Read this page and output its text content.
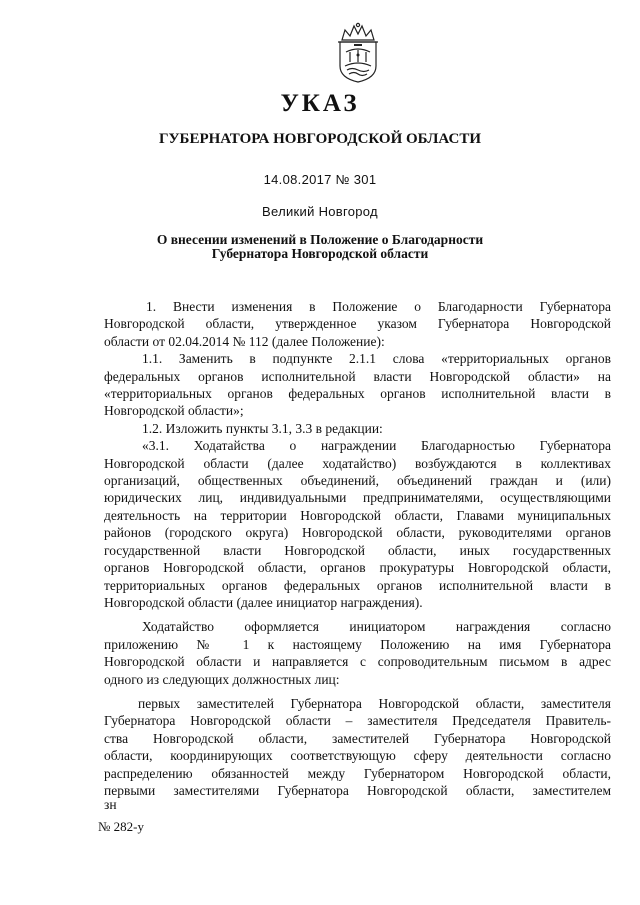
УКАЗ
ГУБЕРНАТОРА НОВГОРОДСКОЙ ОБЛАСТИ
14.08.2017 № 301
Великий Новгород
О внесении изменений в Положение о Благодарности
Губернатора Новгородской области

1. Внести изменения в Положение о Благодарности Губернатора

Новгородской области, утвержденное указом Губернатора Новгородской

области от 02.04.2014 № 112 (далее Положение):

1.1. Заменить в подпункте 2.1.1 слова «территориальных органов

федеральных органов исполнительной власти Новгородской области» на

«территориальных органов федеральных органов исполнительной власти в

Новгородской области»;

1.2. Изложить пункты 3.1, 3.3 в редакции:

«3.1. Ходатайства о награждении Благодарностью Губернатора

Новгородской области (далее ходатайство) возбуждаются в коллективах

организаций, общественных объединений, объединений граждан и (или)

юридических лиц, индивидуальными предпринимателями, осуществляющими

деятельность на территории Новгородской области, Главами муниципальных

районов (городского округа) Новгородской области, руководителями органов

государственной власти Новгородской области, иных государственных

органов Новгородской области, органов прокуратуры Новгородской области,

территориальных органов федеральных органов исполнительной власти в

Новгородской области (далее инициатор награждения).

Ходатайство оформляется инициатором награждения согласно

приложению № 1 к настоящему Положению на имя Губернатора

Новгородской области и направляется с сопроводительным письмом в адрес

одного из следующих должностных лиц:

первых заместителей Губернатора Новгородской области, заместителя

Губернатора Новгородской области – заместителя Председателя Правитель-

ства Новгородской области, заместителей Губернатора Новгородской

области, координирующих соответствующую сферу деятельности согласно

распределению обязанностей между Губернатором Новгородской области,

первыми заместителями Губернатора Новгородской области, заместителем

зн

№ 282-у
